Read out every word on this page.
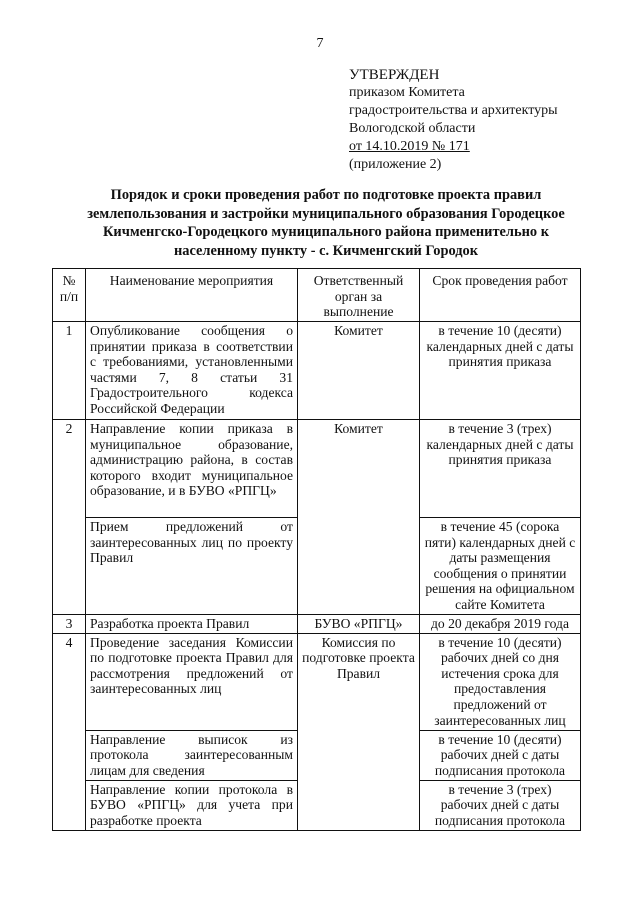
7
УТВЕРЖДЕН
приказом Комитета
градостроительства и архитектуры
Вологодской области
от 14.10.2019 № 171
(приложение 2)
Порядок и сроки проведения работ по подготовке проекта правил
землепользования и застройки муниципального образования Городецкое
Кичменгско-Городецкого муниципального района применительно к
населенному пункту - с. Кичменгский Городок
№ п/п	Наименование мероприятия	Ответственный орган за выполнение	Срок проведения работ
1	Опубликование сообщения о принятии приказа в соответствии с требованиями, установленными частями 7, 8 статьи 31 Градостроительного кодекса Российской Федерации	Комитет	в течение 10 (десяти) календарных дней с даты принятия приказа
2	Направление копии приказа в муниципальное образование, администрацию района, в состав которого входит муниципальное образование, и в БУВО «РПГЦ»	Комитет	в течение 3 (трех) календарных дней с даты принятия приказа
	Прием предложений от заинтересованных лиц по проекту Правил		в течение 45 (сорока пяти) календарных дней с даты размещения сообщения о принятии решения на официальном сайте Комитета
3	Разработка проекта Правил	БУВО «РПГЦ»	до 20 декабря 2019 года
4	Проведение заседания Комиссии по подготовке проекта Правил для рассмотрения предложений от заинтересованных лиц	Комиссия по подготовке проекта Правил	в течение 10 (десяти) рабочих дней со дня истечения срока для предоставления предложений от заинтересованных лиц
	Направление выписок из протокола заинтересованным лицам для сведения		в течение 10 (десяти) рабочих дней с даты подписания протокола
	Направление копии протокола в БУВО «РПГЦ» для учета при разработке проекта		в течение 3 (трех) рабочих дней с даты подписания протокола
